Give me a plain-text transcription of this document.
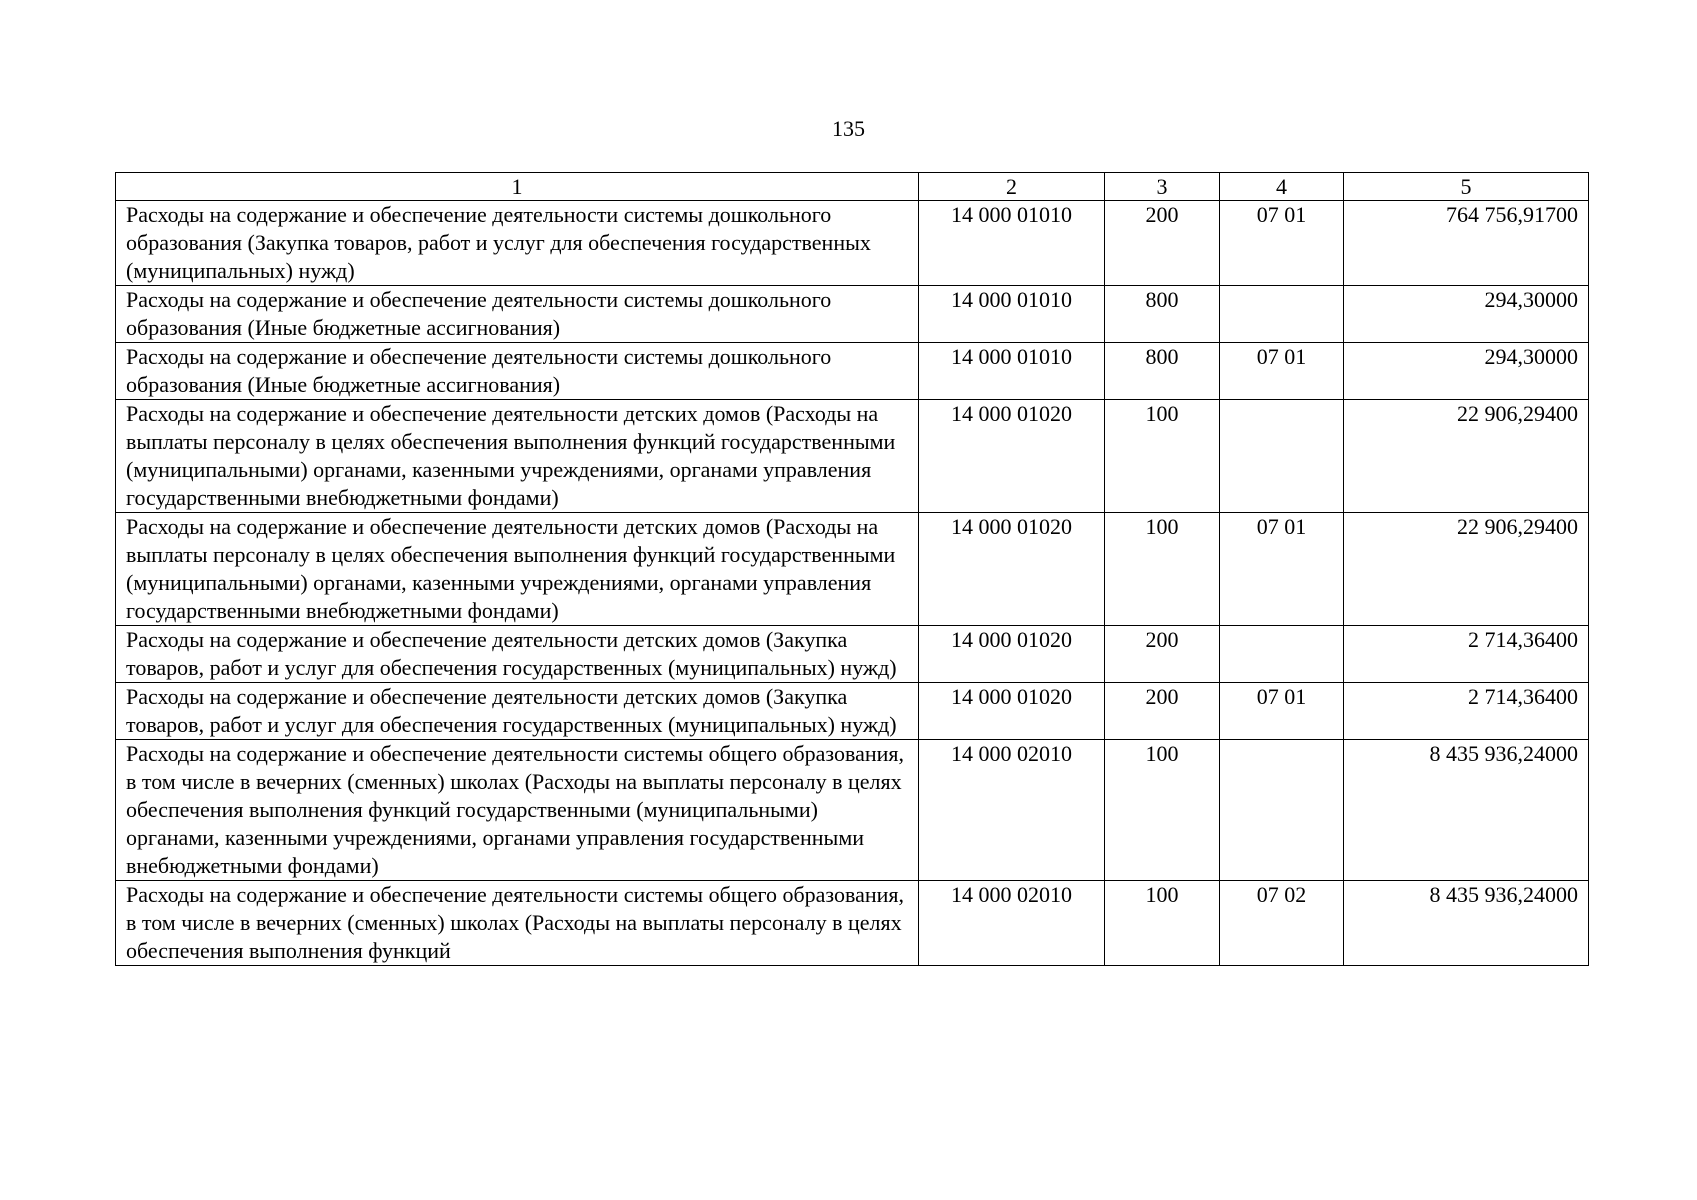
135
1	2	3	4	5
Расходы на содержание и обеспечение деятельности системы дошкольного образования (Закупка товаров, работ и услуг для обеспечения государственных (муниципальных) нужд)	14 000 01010	200	07 01	764 756,91700
Расходы на содержание и обеспечение деятельности системы дошкольного образования (Иные бюджетные ассигнования)	14 000 01010	800		294,30000
Расходы на содержание и обеспечение деятельности системы дошкольного образования (Иные бюджетные ассигнования)	14 000 01010	800	07 01	294,30000
Расходы на содержание и обеспечение деятельности детских домов (Расходы на выплаты персоналу в целях обеспечения выполнения функций государственными (муниципальными) органами, казенными учреждениями, органами управления государственными внебюджетными фондами)	14 000 01020	100		22 906,29400
Расходы на содержание и обеспечение деятельности детских домов (Расходы на выплаты персоналу в целях обеспечения выполнения функций государственными (муниципальными) органами, казенными учреждениями, органами управления государственными внебюджетными фондами)	14 000 01020	100	07 01	22 906,29400
Расходы на содержание и обеспечение деятельности детских домов (Закупка товаров, работ и услуг для обеспечения государственных (муниципальных) нужд)	14 000 01020	200		2 714,36400
Расходы на содержание и обеспечение деятельности детских домов (Закупка товаров, работ и услуг для обеспечения государственных (муниципальных) нужд)	14 000 01020	200	07 01	2 714,36400
Расходы на содержание и обеспечение деятельности системы общего образования, в том числе в вечерних (сменных) школах (Расходы на выплаты персоналу в целях обеспечения выполнения функций государственными (муниципальными) органами, казенными учреждениями, органами управления государственными внебюджетными фондами)	14 000 02010	100		8 435 936,24000
Расходы на содержание и обеспечение деятельности системы общего образования, в том числе в вечерних (сменных) школах (Расходы на выплаты персоналу в целях обеспечения выполнения функций	14 000 02010	100	07 02	8 435 936,24000
